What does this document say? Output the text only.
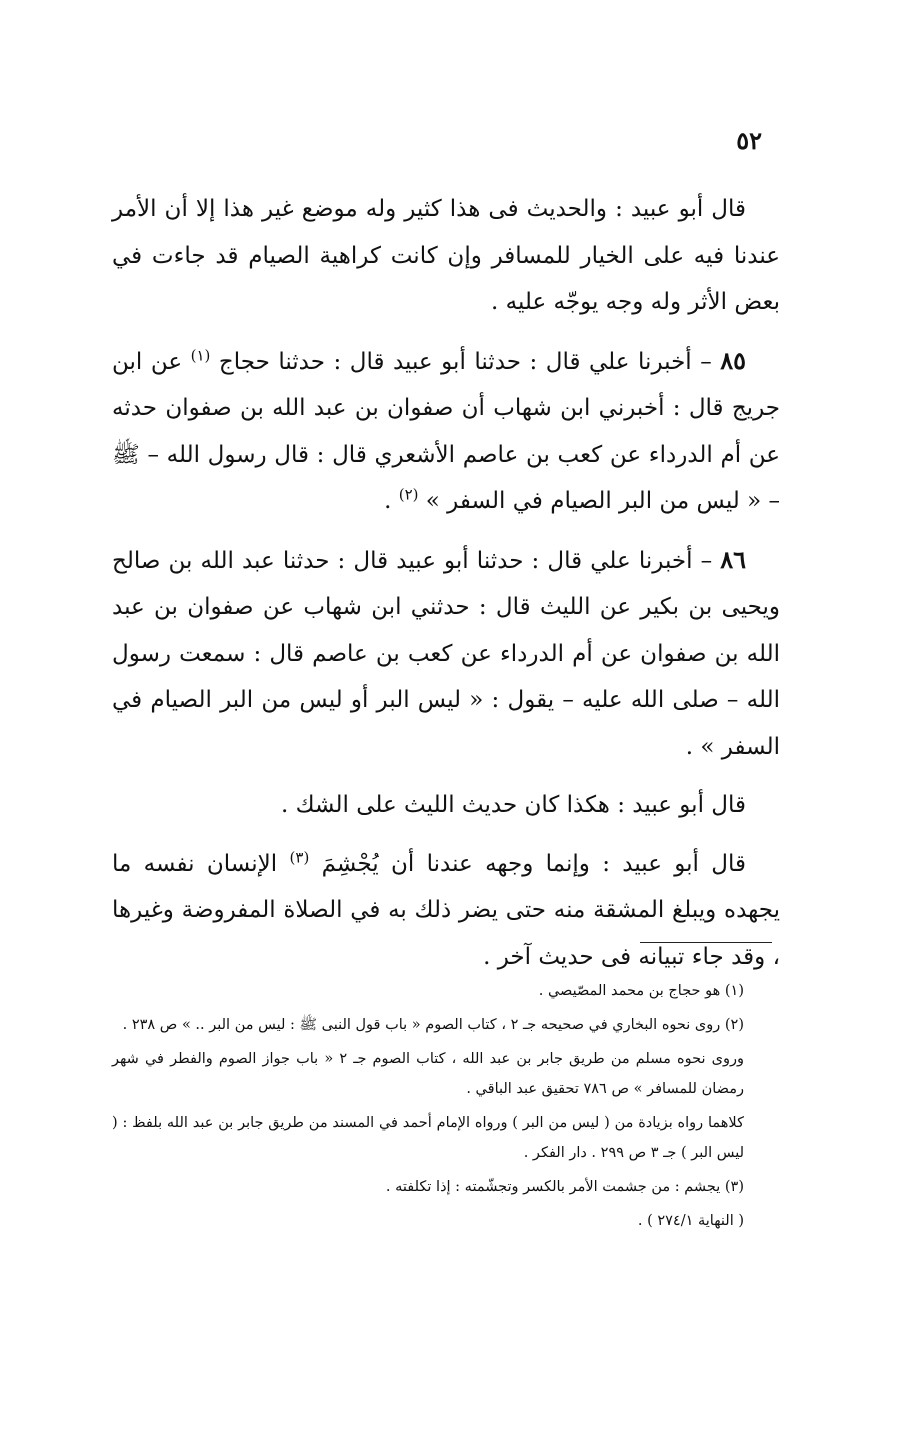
٥٢

قال أبو عبيد : والحديث فى هذا كثير وله موضع غير هذا إلا أن الأمر عندنا فيه على الخيار للمسافر وإن كانت كراهية الصيام قد جاءت في بعض الأثر وله وجه يوجّه عليه .

٨٥ – أخبرنا علي قال : حدثنا أبو عبيد قال : حدثنا حجاج $^{(١)}$ عن ابن جريج قال : أخبرني ابن شهاب أن صفوان بن عبد الله بن صفوان حدثه عن أم الدرداء عن كعب بن عاصم الأشعري قال : قال رسول الله – ﷺ – « ليس من البر الصيام في السفر » $^{(٢)}$ .

٨٦ – أخبرنا علي قال : حدثنا أبو عبيد قال : حدثنا عبد الله بن صالح ويحيى بن بكير عن الليث قال : حدثني ابن شهاب عن صفوان بن عبد الله بن صفوان عن أم الدرداء عن كعب بن عاصم قال : سمعت رسول الله – صلى الله عليه – يقول : « ليس البر أو ليس من البر الصيام في السفر » .

قال أبو عبيد : هكذا كان حديث الليث على الشك .

قال أبو عبيد : وإنما وجهه عندنا أن يُجْشِمَ $^{(٣)}$ الإنسان نفسه ما يجهده ويبلغ المشقة منه حتى يضر ذلك به في الصلاة المفروضة وغيرها ، وقد جاء تبيانه فى حديث آخر .

(١) هو حجاج بن محمد المصّيصي .

(٢) روى نحوه البخاري في صحيحه جـ ٢ ، كتاب الصوم « باب قول النبى ﷺ : ليس من البر .. » ص ٢٣٨ .

وروى نحوه مسلم من طريق جابر بن عبد الله ، كتاب الصوم جـ ٢ « باب جواز الصوم والفطر في شهر رمضان للمسافر » ص ٧٨٦ تحقيق عبد الباقي .

كلاهما رواه بزيادة من ( ليس من البر ) ورواه الإمام أحمد في المسند من طريق جابر بن عبد الله بلفظ : ( ليس البر ) جـ ٣ ص ٢٩٩ . دار الفكر .

(٣) يجشم : من جشمت الأمر بالكسر وتجشّمته : إذا تكلفته .

( النهاية ٢٧٤/١ ) .
